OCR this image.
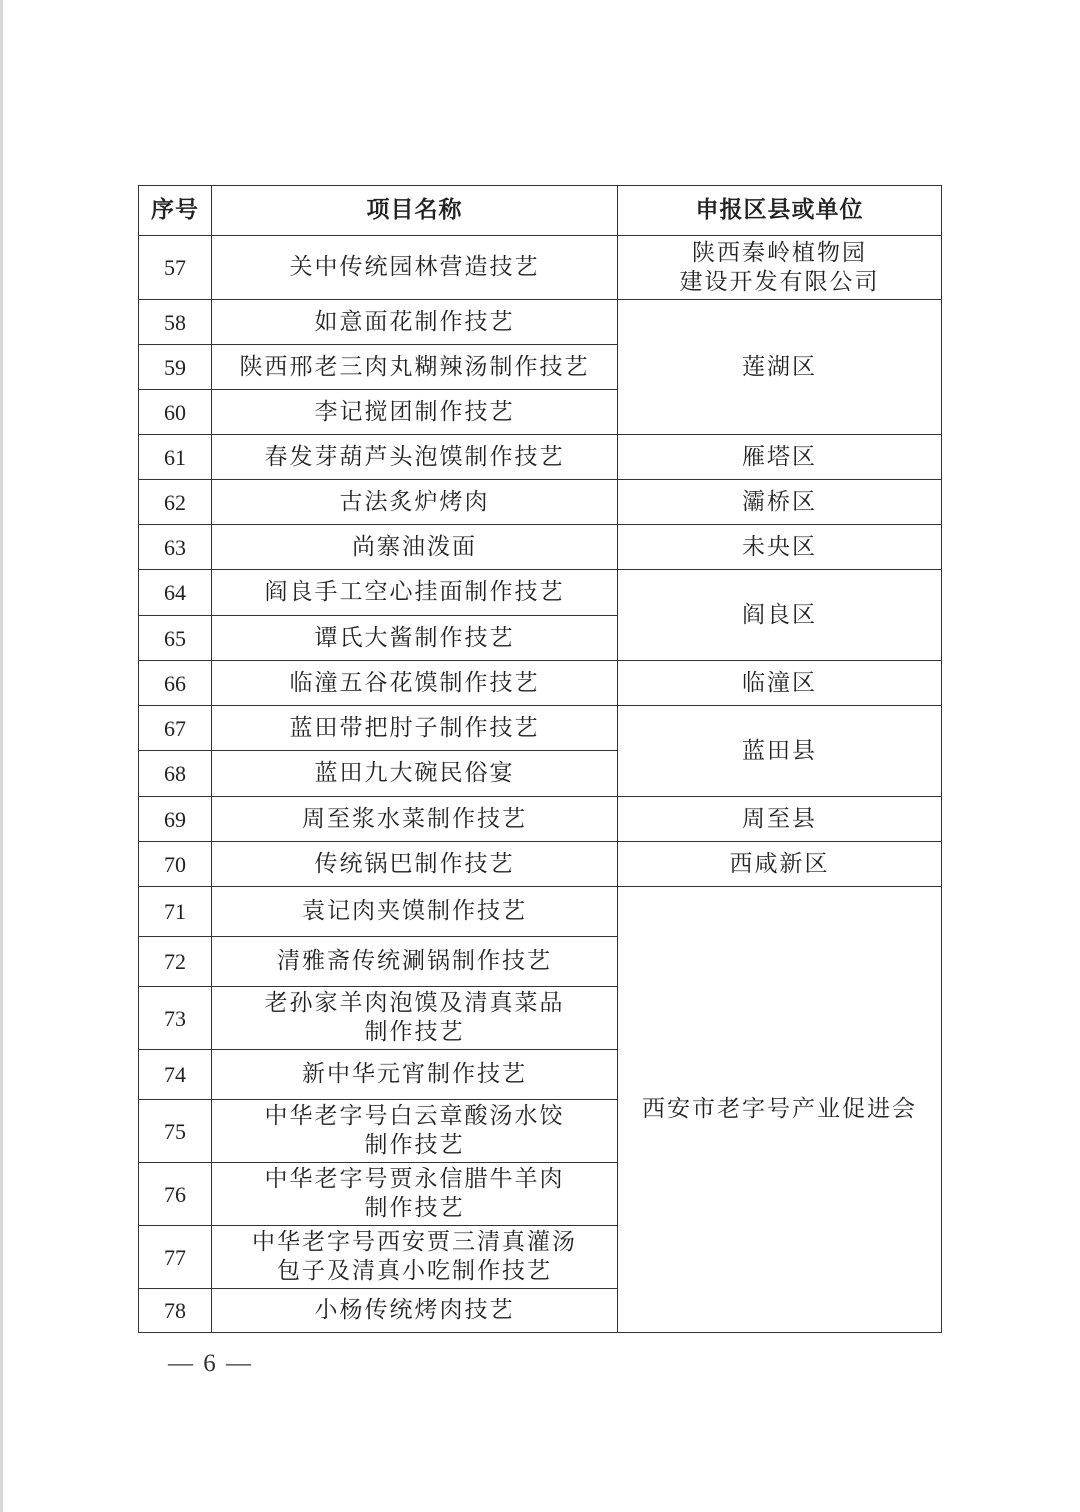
序号	项目名称	申报区县或单位
57	关中传统园林营造技艺	陕西秦岭植物园
建设开发有限公司
58	如意面花制作技艺	莲湖区
59	陕西邢老三肉丸糊辣汤制作技艺	
60	李记搅团制作技艺	
61	春发芽葫芦头泡馍制作技艺	雁塔区
62	古法炙炉烤肉	灞桥区
63	尚寨油泼面	未央区
64	阎良手工空心挂面制作技艺	阎良区
65	谭氏大酱制作技艺	
66	临潼五谷花馍制作技艺	临潼区
67	蓝田带把肘子制作技艺	蓝田县
68	蓝田九大碗民俗宴	
69	周至浆水菜制作技艺	周至县
70	传统锅巴制作技艺	西咸新区
71	袁记肉夹馍制作技艺	西安市老字号产业促进会
72	清雅斋传统涮锅制作技艺	
73	老孙家羊肉泡馍及清真菜品
制作技艺	
74	新中华元宵制作技艺	
75	中华老字号白云章酸汤水饺
制作技艺	
76	中华老字号贾永信腊牛羊肉
制作技艺	
77	中华老字号西安贾三清真灌汤
包子及清真小吃制作技艺	
78	小杨传统烤肉技艺	
— 6 —
